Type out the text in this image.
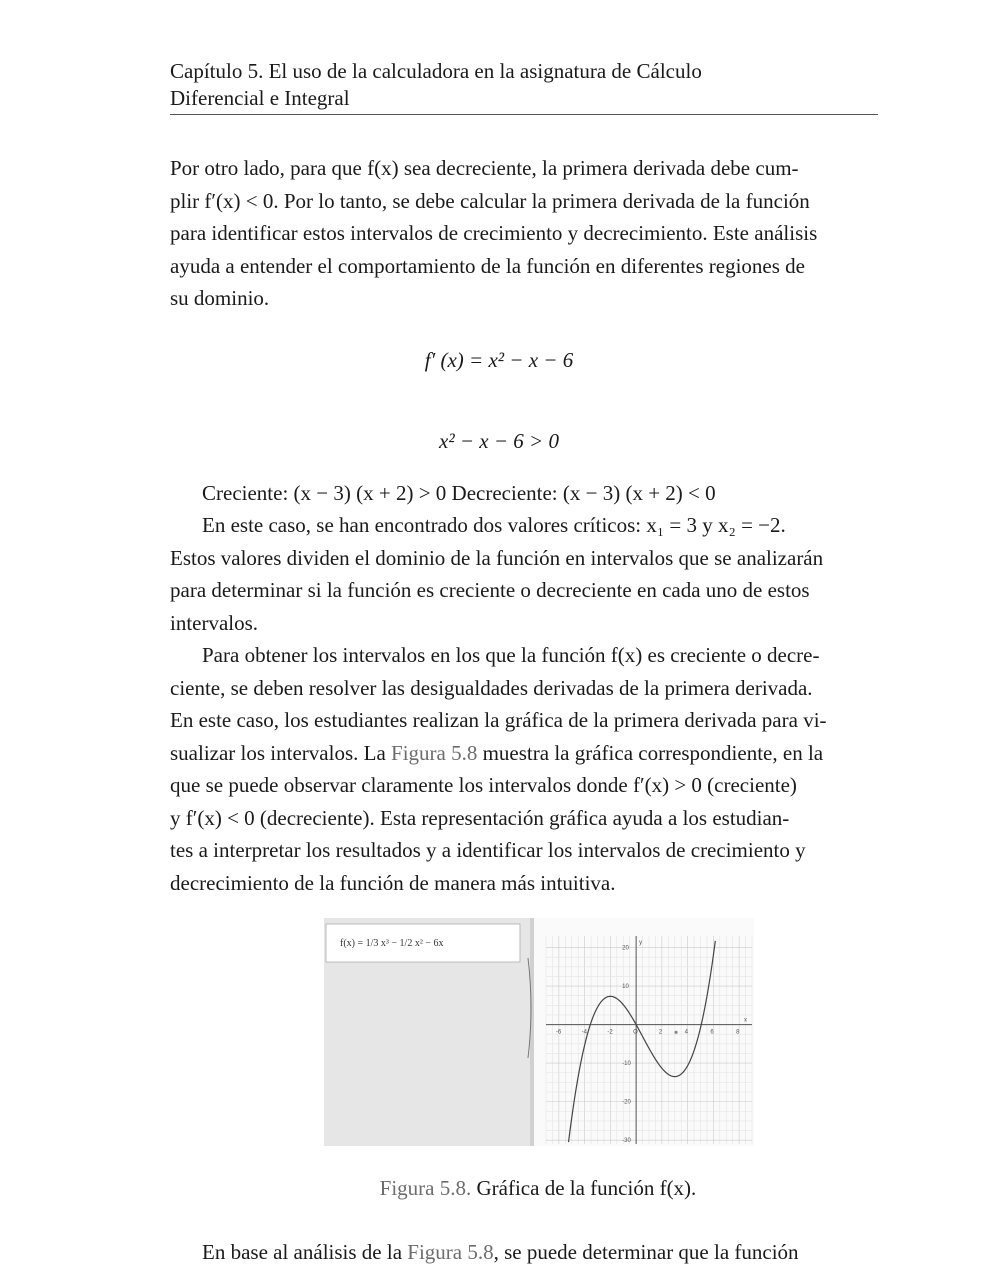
Capítulo 5. El uso de la calculadora en la asignatura de Cálculo
Diferencial e Integral
Por otro lado, para que f(x) sea decreciente, la primera derivada debe cum-
plir f′(x) < 0. Por lo tanto, se debe calcular la primera derivada de la función
para identificar estos intervalos de crecimiento y decrecimiento. Este análisis
ayuda a entender el comportamiento de la función en diferentes regiones de
su dominio.
f′ (x) = x² − x − 6
x² − x − 6 > 0
Creciente: (x − 3) (x + 2) > 0 Decreciente: (x − 3) (x + 2) < 0
En este caso, se han encontrado dos valores críticos: x₁ = 3 y x₂ = −2.
Estos valores dividen el dominio de la función en intervalos que se analizarán
para determinar si la función es creciente o decreciente en cada uno de estos
intervalos.
Para obtener los intervalos en los que la función f(x) es creciente o decre-
ciente, se deben resolver las desigualdades derivadas de la primera derivada.
En este caso, los estudiantes realizan la gráfica de la primera derivada para vi-
sualizar los intervalos. La Figura 5.8 muestra la gráfica correspondiente, en la
que se puede observar claramente los intervalos donde f′(x) > 0 (creciente)
y f′(x) < 0 (decreciente). Esta representación gráfica ayuda a los estudian-
tes a interpretar los resultados y a identificar los intervalos de crecimiento y
decrecimiento de la función de manera más intuitiva.
f(x) = 1/3 x³ − 1/2 x² − 6x
-6	-4	-2	O	2	4	6	8
20
10
-10
-20
-30
x
y
Figura 5.8. Gráfica de la función f(x).
En base al análisis de la Figura 5.8, se puede determinar que la función
